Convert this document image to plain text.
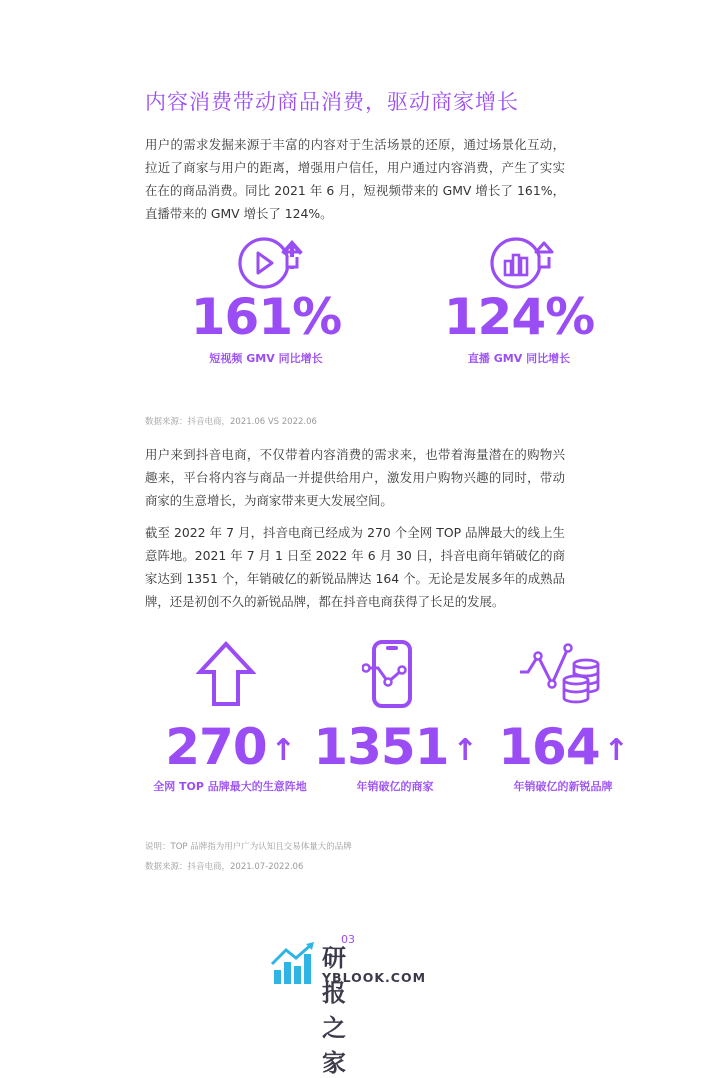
内容消费带动商品消费，驱动商家增长

用户的需求发掘来源于丰富的内容对于生活场景的还原，通过场景化互动，拉近了商家与用户的距离，增强用户信任，用户通过内容消费，产生了实实在在的商品消费。同比 2021 年 6 月，短视频带来的 GMV 增长了 161%，直播带来的 GMV 增长了 124%。

161%
短视频 GMV 同比增长
124%
直播 GMV 同比增长
数据来源：抖音电商，2021.06 VS 2022.06

用户来到抖音电商，不仅带着内容消费的需求来，也带着海量潜在的购物兴趣来，平台将内容与商品一并提供给用户，激发用户购物兴趣的同时，带动商家的生意增长，为商家带来更大发展空间。

截至 2022 年 7 月，抖音电商已经成为 270 个全网 TOP 品牌最大的线上生意阵地。2021 年 7 月 1 日至 2022 年 6 月 30 日，抖音电商年销破亿的商家达到 1351 个，年销破亿的新锐品牌达 164 个。无论是发展多年的成熟品牌，还是初创不久的新锐品牌，都在抖音电商获得了长足的发展。

270 ↑
全网 TOP 品牌最大的生意阵地
1351 ↑
年销破亿的商家
164 ↑
年销破亿的新锐品牌
说明：TOP 品牌指为用户广为认知且交易体量大的品牌
数据来源：抖音电商，2021.07-2022.06
03
研报之家
YBLOOK.COM
